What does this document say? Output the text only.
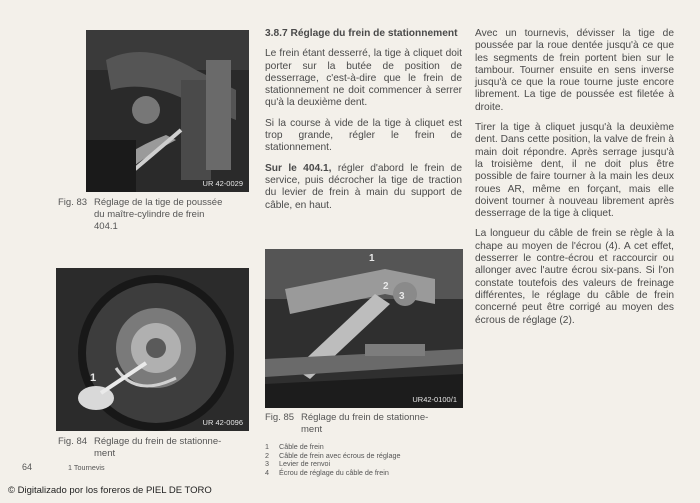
UR 42-0029
Fig. 83 Réglage de la tige de poussée
du maître-cylindre de frein
404.1
1
UR 42-0096
Fig. 84 Réglage du frein de stationne-
ment
1 Tournevis
1
2
3
UR42-0100/1
Fig. 85 Réglage du frein de stationne-
ment
1 Câble de frein
2 Câble de frein avec écrous de réglage
3 Levier de renvoi
4 Écrou de réglage du câble de frein

3.8.7 Réglage du frein de stationnement

Le frein étant desserré, la tige à cliquet doit porter sur la butée de position de desserrage, c'est-à-dire que le frein de stationnement ne doit commencer à serrer qu'à la deuxième dent.

Si la course à vide de la tige à cliquet est trop grande, régler le frein de stationnement.

Sur le 404.1, régler d'abord le frein de service, puis décrocher la tige de traction du levier de frein à main du support de câble, en haut.

Avec un tournevis, dévisser la tige de poussée par la roue dentée jusqu'à ce que les segments de frein portent bien sur le tambour. Tourner ensuite en sens inverse jusqu'à ce que la roue tourne juste encore librement. La tige de poussée est filetée à droite.

Tirer la tige à cliquet jusqu'à la deuxième dent. Dans cette position, la valve de frein à main doit répondre. Après serrage jusqu'à la troisième dent, il ne doit plus être possible de faire tourner à la main les deux roues AR, même en forçant, mais elle doivent tourner à nouveau librement après desserrage de la tige à cliquet.

La longueur du câble de frein se règle à la chape au moyen de l'écrou (4). A cet effet, desserrer le contre-écrou et raccourcir ou allonger avec l'autre écrou six-pans. Si l'on constate toutefois des valeurs de freinage différentes, le réglage du câble de frein concerné peut être corrigé au moyen des écrous de réglage (2).

64
© Digitalizado por los foreros de PIEL DE TORO
